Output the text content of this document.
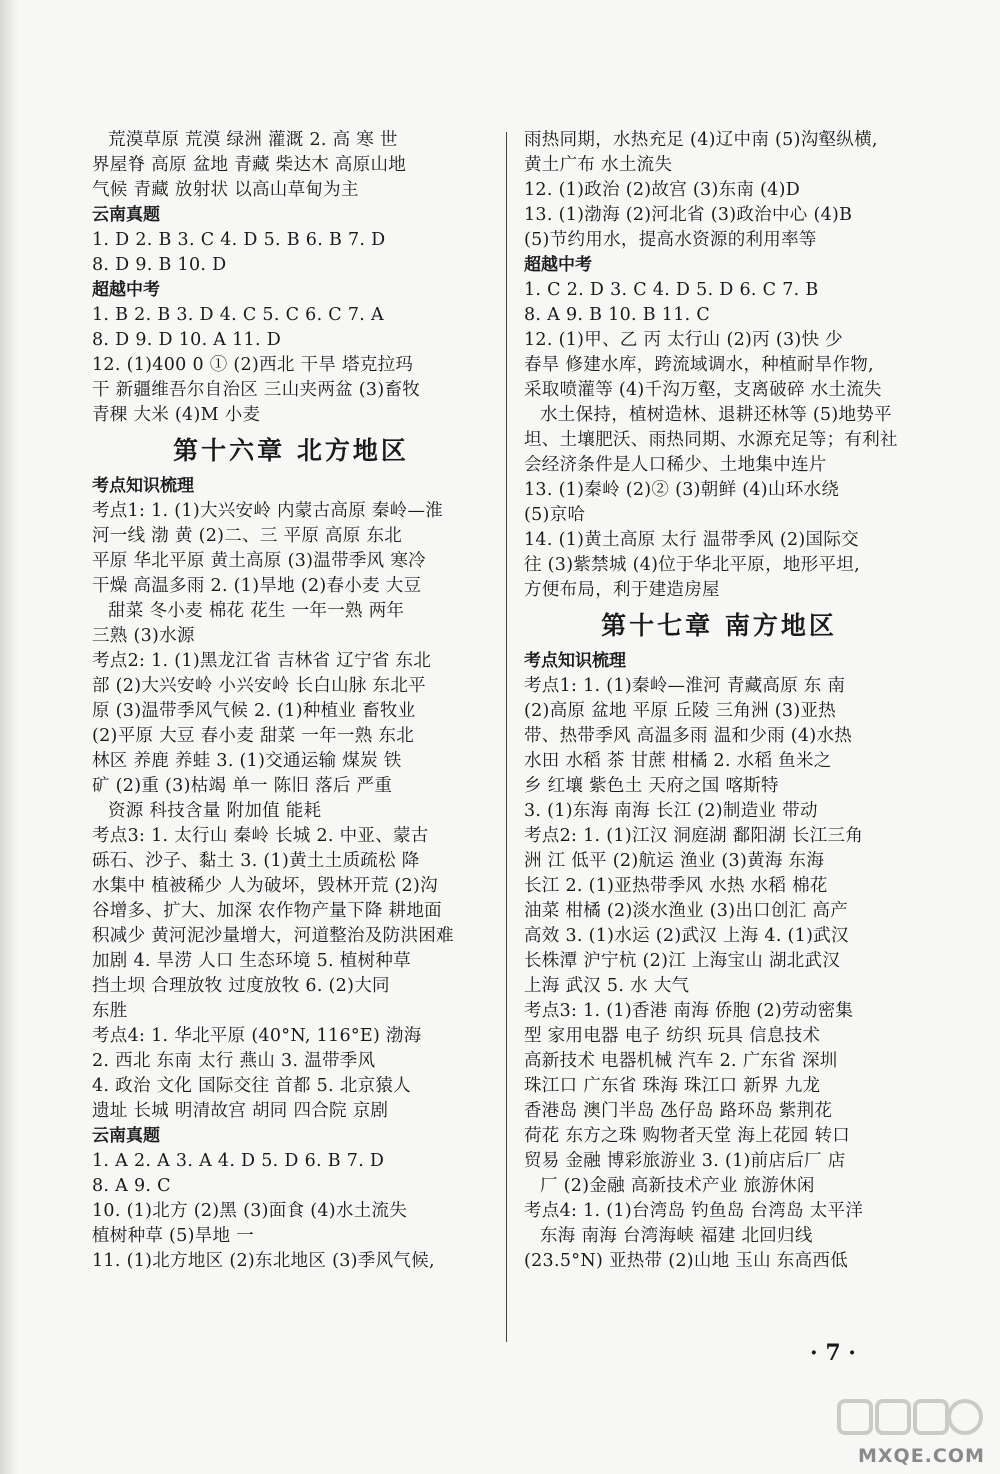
荒漠草原 荒漠 绿洲 灌溉 2. 高 寒 世
界屋脊 高原 盆地 青藏 柴达木 高原山地
气候 青藏 放射状 以高山草甸为主
云南真题
1. D 2. B 3. C 4. D 5. B 6. B 7. D
8. D 9. B 10. D
超越中考
1. B 2. B 3. D 4. C 5. C 6. C 7. A
8. D 9. D 10. A 11. D
12. (1)400 0 ① (2)西北 干旱 塔克拉玛
干 新疆维吾尔自治区 三山夹两盆 (3)畜牧
青稞 大米 (4)M 小麦
第十六章 北方地区
考点知识梳理
考点1: 1. (1)大兴安岭 内蒙古高原 秦岭—淮
河一线 渤 黄 (2)二、三 平原 高原 东北
平原 华北平原 黄土高原 (3)温带季风 寒冷
干燥 高温多雨 2. (1)旱地 (2)春小麦 大豆
甜菜 冬小麦 棉花 花生 一年一熟 两年
三熟 (3)水源
考点2: 1. (1)黑龙江省 吉林省 辽宁省 东北
部 (2)大兴安岭 小兴安岭 长白山脉 东北平
原 (3)温带季风气候 2. (1)种植业 畜牧业
(2)平原 大豆 春小麦 甜菜 一年一熟 东北
林区 养鹿 养蛙 3. (1)交通运输 煤炭 铁
矿 (2)重 (3)枯竭 单一 陈旧 落后 严重
资源 科技含量 附加值 能耗
考点3: 1. 太行山 秦岭 长城 2. 中亚、蒙古
砾石、沙子、黏土 3. (1)黄土土质疏松 降
水集中 植被稀少 人为破坏，毁林开荒 (2)沟
谷增多、扩大、加深 农作物产量下降 耕地面
积减少 黄河泥沙量增大，河道整治及防洪困难
加剧 4. 旱涝 人口 生态环境 5. 植树种草
挡土坝 合理放牧 过度放牧 6. (2)大同
东胜
考点4: 1. 华北平原 (40°N, 116°E) 渤海
2. 西北 东南 太行 燕山 3. 温带季风
4. 政治 文化 国际交往 首都 5. 北京猿人
遗址 长城 明清故宫 胡同 四合院 京剧
云南真题
1. A 2. A 3. A 4. D 5. D 6. B 7. D
8. A 9. C
10. (1)北方 (2)黑 (3)面食 (4)水土流失
植树种草 (5)旱地 一
11. (1)北方地区 (2)东北地区 (3)季风气候,
雨热同期，水热充足 (4)辽中南 (5)沟壑纵横,
黄土广布 水土流失
12. (1)政治 (2)故宫 (3)东南 (4)D
13. (1)渤海 (2)河北省 (3)政治中心 (4)B
(5)节约用水，提高水资源的利用率等
超越中考
1. C 2. D 3. C 4. D 5. D 6. C 7. B
8. A 9. B 10. B 11. C
12. (1)甲、乙 丙 太行山 (2)丙 (3)快 少
春旱 修建水库，跨流域调水，种植耐旱作物,
采取喷灌等 (4)千沟万壑，支离破碎 水土流失
水土保持，植树造林、退耕还林等 (5)地势平
坦、土壤肥沃、雨热同期、水源充足等；有利社
会经济条件是人口稀少、土地集中连片
13. (1)秦岭 (2)② (3)朝鲜 (4)山环水绕
(5)京哈
14. (1)黄土高原 太行 温带季风 (2)国际交
往 (3)紫禁城 (4)位于华北平原，地形平坦,
方便布局，利于建造房屋
第十七章 南方地区
考点知识梳理
考点1: 1. (1)秦岭—淮河 青藏高原 东 南
(2)高原 盆地 平原 丘陵 三角洲 (3)亚热
带、热带季风 高温多雨 温和少雨 (4)水热
水田 水稻 茶 甘蔗 柑橘 2. 水稻 鱼米之
乡 红壤 紫色土 天府之国 喀斯特
3. (1)东海 南海 长江 (2)制造业 带动
考点2: 1. (1)江汉 洞庭湖 鄱阳湖 长江三角
洲 江 低平 (2)航运 渔业 (3)黄海 东海
长江 2. (1)亚热带季风 水热 水稻 棉花
油菜 柑橘 (2)淡水渔业 (3)出口创汇 高产
高效 3. (1)水运 (2)武汉 上海 4. (1)武汉
长株潭 沪宁杭 (2)江 上海宝山 湖北武汉
上海 武汉 5. 水 大气
考点3: 1. (1)香港 南海 侨胞 (2)劳动密集
型 家用电器 电子 纺织 玩具 信息技术
高新技术 电器机械 汽车 2. 广东省 深圳
珠江口 广东省 珠海 珠江口 新界 九龙
香港岛 澳门半岛 氹仔岛 路环岛 紫荆花
荷花 东方之珠 购物者天堂 海上花园 转口
贸易 金融 博彩旅游业 3. (1)前店后厂 店
厂 (2)金融 高新技术产业 旅游休闲
考点4: 1. (1)台湾岛 钓鱼岛 台湾岛 太平洋
东海 南海 台湾海峡 福建 北回归线
(23.5°N) 亚热带 (2)山地 玉山 东高西低
· 7 ·
MXQE.COM
